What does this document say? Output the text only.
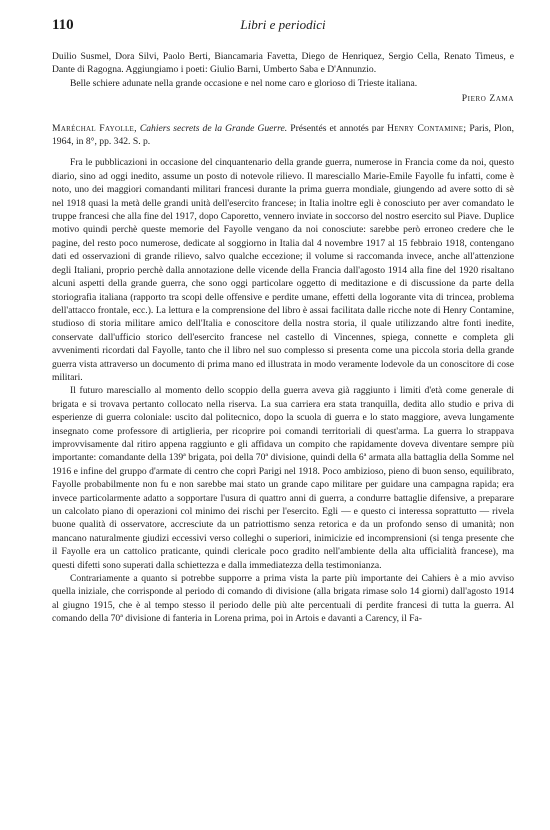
110	Libri e periodici

Duilio Susmel, Dora Silvi, Paolo Berti, Biancamaria Favetta, Diego de Henriquez, Sergio Cella, Renato Timeus, e Dante di Ragogna. Aggiungiamo i poeti: Giulio Barni, Umberto Saba e D'Annunzio.

Belle schiere adunate nella grande occasione e nel nome caro e glorioso di Trieste italiana.

Piero Zama

Maréchal Fayolle, Cahiers secrets de la Grande Guerre. Présentés et annotés par Henry Contamine; Paris, Plon, 1964, in 8°, pp. 342. S. p.

Fra le pubblicazioni in occasione del cinquantenario della grande guerra, numerose in Francia come da noi, questo diario, sino ad oggi inedito, assume un posto di notevole rilievo. Il maresciallo Marie-Emile Fayolle fu infatti, come è noto, uno dei maggiori comandanti militari francesi durante la prima guerra mondiale, giungendo ad avere sotto di sè nel 1918 quasi la metà delle grandi unità dell'esercito francese; in Italia inoltre egli è conosciuto per aver comandato le truppe francesi che alla fine del 1917, dopo Caporetto, vennero inviate in soccorso del nostro esercito sul Piave. Duplice motivo quindi perchè queste memorie del Fayolle vengano da noi conosciute: sarebbe però erroneo credere che le pagine, del resto poco numerose, dedicate al soggiorno in Italia dal 4 novembre 1917 al 15 febbraio 1918, contengano dati ed osservazioni di grande rilievo, salvo qualche eccezione; il volume si raccomanda invece, anche all'attenzione degli Italiani, proprio perchè dalla annotazione delle vicende della Francia dall'agosto 1914 alla fine del 1920 risaltano alcuni aspetti della grande guerra, che sono oggi particolare oggetto di meditazione e di discussione da parte della storiografia italiana (rapporto tra scopi delle offensive e perdite umane, effetti della logorante vita di trincea, problema dell'attacco frontale, ecc.). La lettura e la comprensione del libro è assai facilitata dalle ricche note di Henry Contamine, studioso di storia militare amico dell'Italia e conoscitore della nostra storia, il quale utilizzando altre fonti inedite, conservate dall'ufficio storico dell'esercito francese nel castello di Vincennes, spiega, connette e completa gli avvenimenti ricordati dal Fayolle, tanto che il libro nel suo complesso si presenta come una piccola storia della grande guerra vista attraverso un documento di prima mano ed illustrata in modo veramente lodevole da un conoscitore di cose militari.

Il futuro maresciallo al momento dello scoppio della guerra aveva già raggiunto i limiti d'età come generale di brigata e si trovava pertanto collocato nella riserva. La sua carriera era stata tranquilla, dedita allo studio e priva di esperienze di guerra coloniale: uscito dal politecnico, dopo la scuola di guerra e lo stato maggiore, aveva lungamente insegnato come professore di artiglieria, per ricoprire poi comandi territoriali di quest'arma. La guerra lo strappava improvvisamente dal ritiro appena raggiunto e gli affidava un compito che rapidamente doveva diventare sempre più importante: comandante della 139ª brigata, poi della 70ª divisione, quindi della 6ª armata alla battaglia della Somme nel 1916 e infine del gruppo d'armate di centro che coprì Parigi nel 1918. Poco ambizioso, pieno di buon senso, equilibrato, Fayolle probabilmente non fu e non sarebbe mai stato un grande capo militare per guidare una campagna rapida; era invece particolarmente adatto a sopportare l'usura di quattro anni di guerra, a condurre battaglie difensive, a preparare un calcolato piano di operazioni col minimo dei rischi per l'esercito. Egli — e questo ci interessa soprattutto — rivela buone qualità di osservatore, accresciute da un patriottismo senza retorica e da un profondo senso di umanità; non mancano naturalmente giudizi eccessivi verso colleghi o superiori, inimicizie ed incomprensioni (si tenga presente che il Fayolle era un cattolico praticante, quindi clericale poco gradito nell'ambiente della alta ufficialità francese), ma questi difetti sono superati dalla schiettezza e dalla immediatezza della testimonianza.

Contrariamente a quanto si potrebbe supporre a prima vista la parte più importante dei Cahiers è a mio avviso quella iniziale, che corrisponde al periodo di comando di divisione (alla brigata rimase solo 14 giorni) dall'agosto 1914 al giugno 1915, che è al tempo stesso il periodo delle più alte percentuali di perdite francesi di tutta la guerra. Al comando della 70ª divisione di fanteria in Lorena prima, poi in Artois e davanti a Carency, il Fa-
